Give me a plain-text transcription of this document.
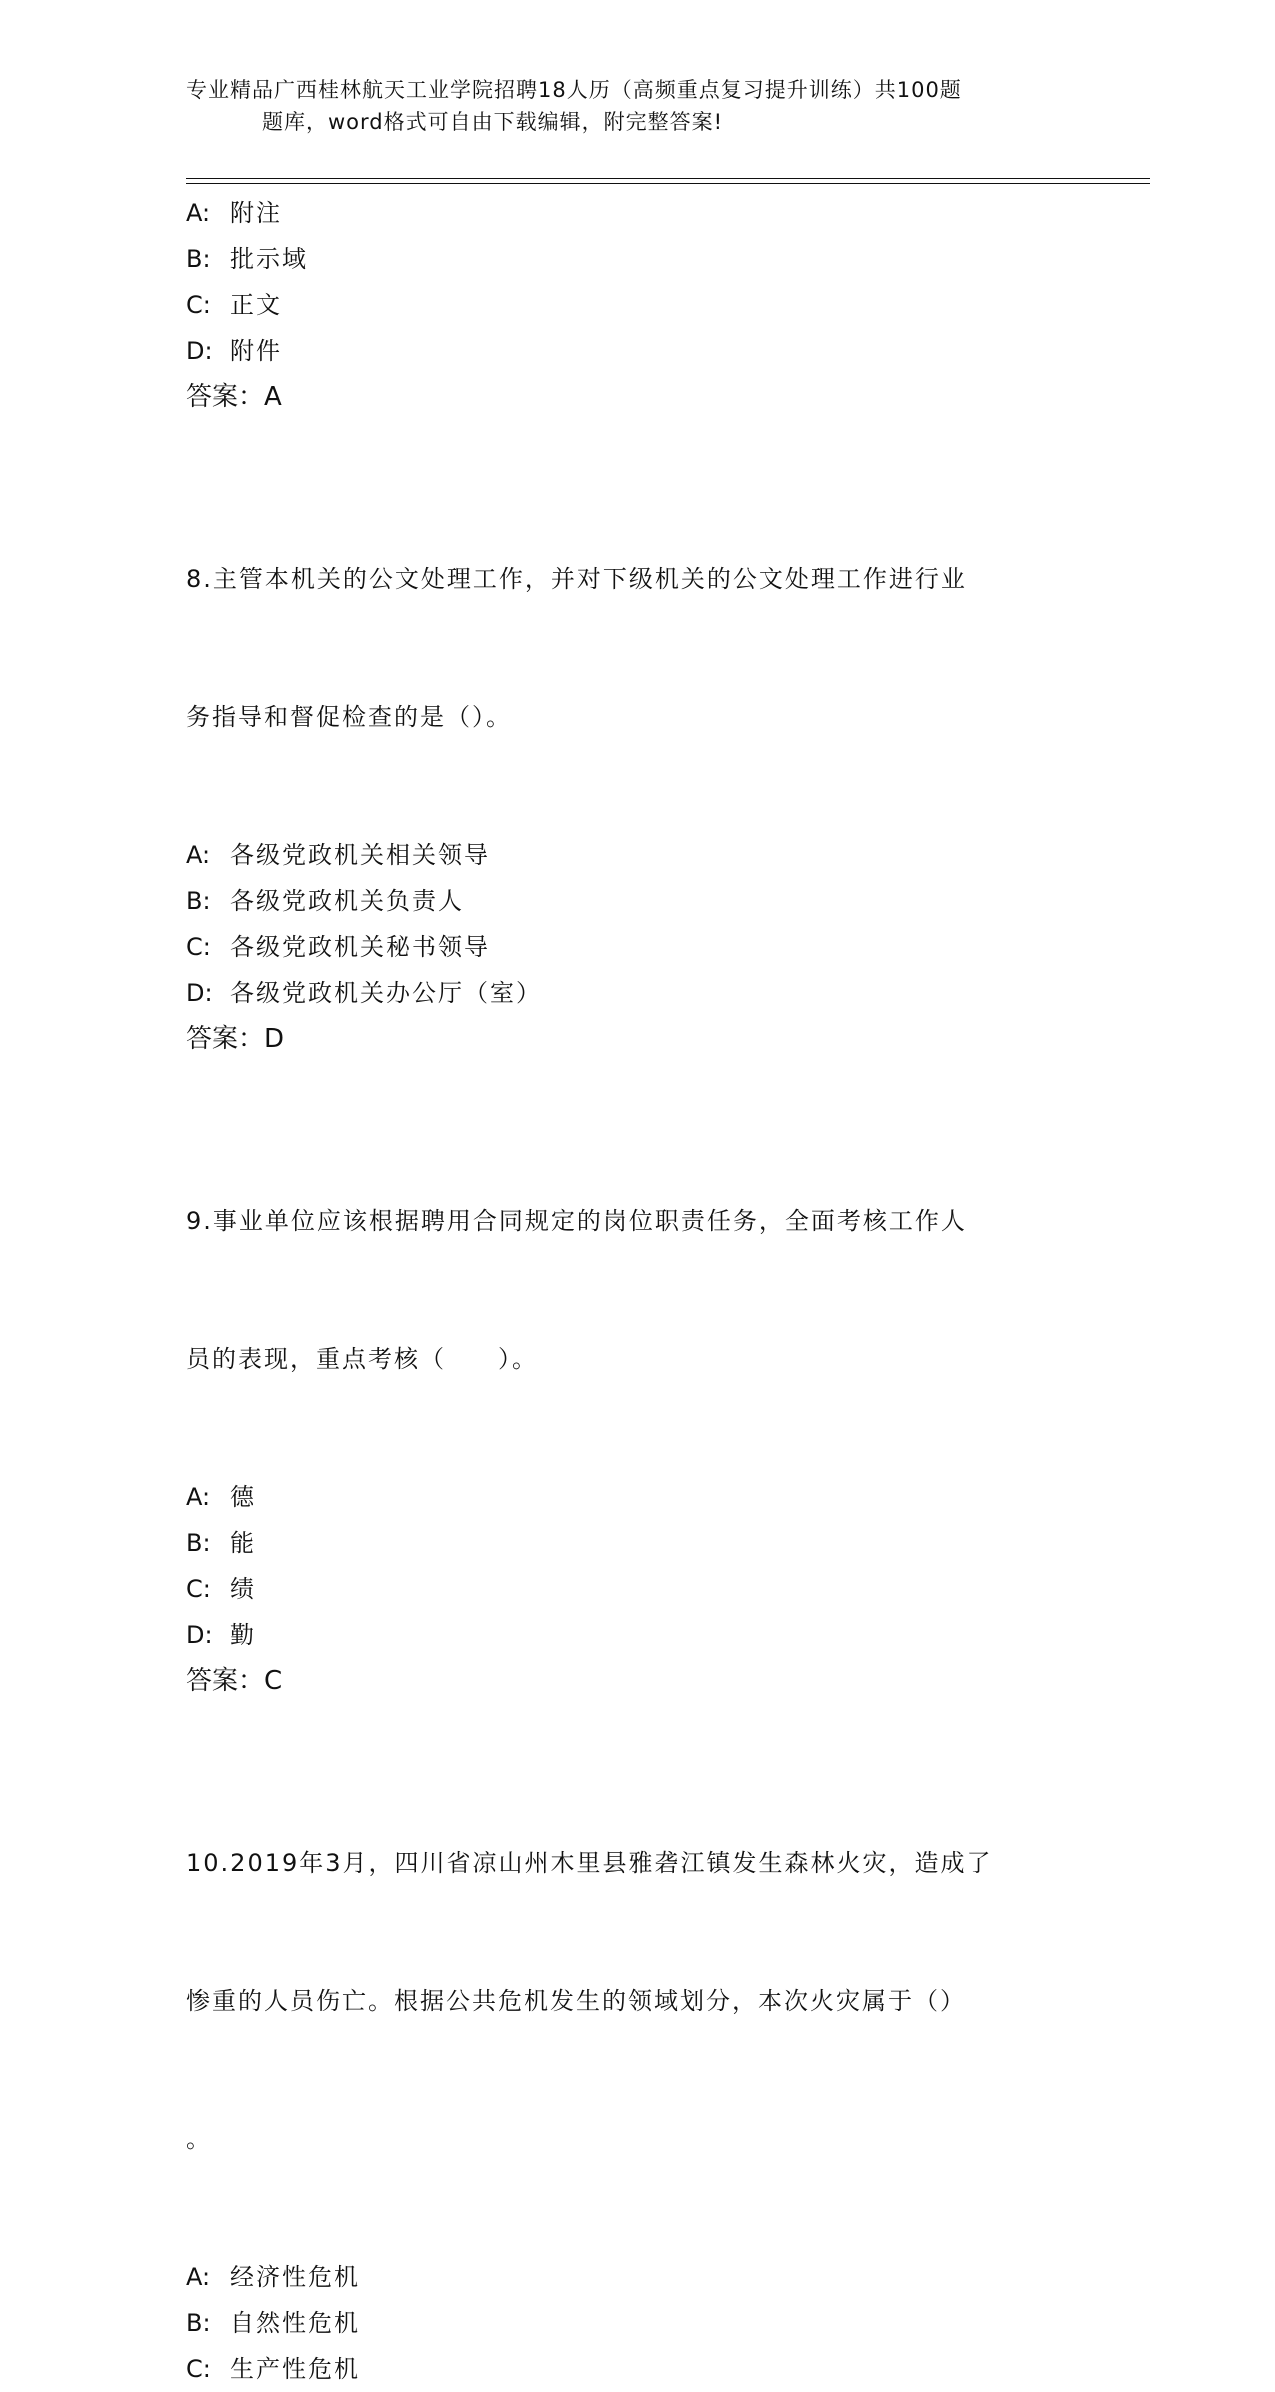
专业精品广西桂林航天工业学院招聘18人历（高频重点复习提升训练）共100题
题库，word格式可自由下载编辑，附完整答案!
A: 附注
B: 批示域
C: 正文
D: 附件
答案：A

8.主管本机关的公文处理工作，并对下级机关的公文处理工作进行业

务指导和督促检查的是（）。

A: 各级党政机关相关领导
B: 各级党政机关负责人
C: 各级党政机关秘书领导
D: 各级党政机关办公厅（室）
答案：D

9.事业单位应该根据聘用合同规定的岗位职责任务，全面考核工作人

员的表现，重点考核（　　）。

A: 德
B: 能
C: 绩
D: 勤
答案：C

10.2019年3月，四川省凉山州木里县雅砻江镇发生森林火灾，造成了

惨重的人员伤亡。根据公共危机发生的领域划分，本次火灾属于（）

。

A: 经济性危机
B: 自然性危机
C: 生产性危机
